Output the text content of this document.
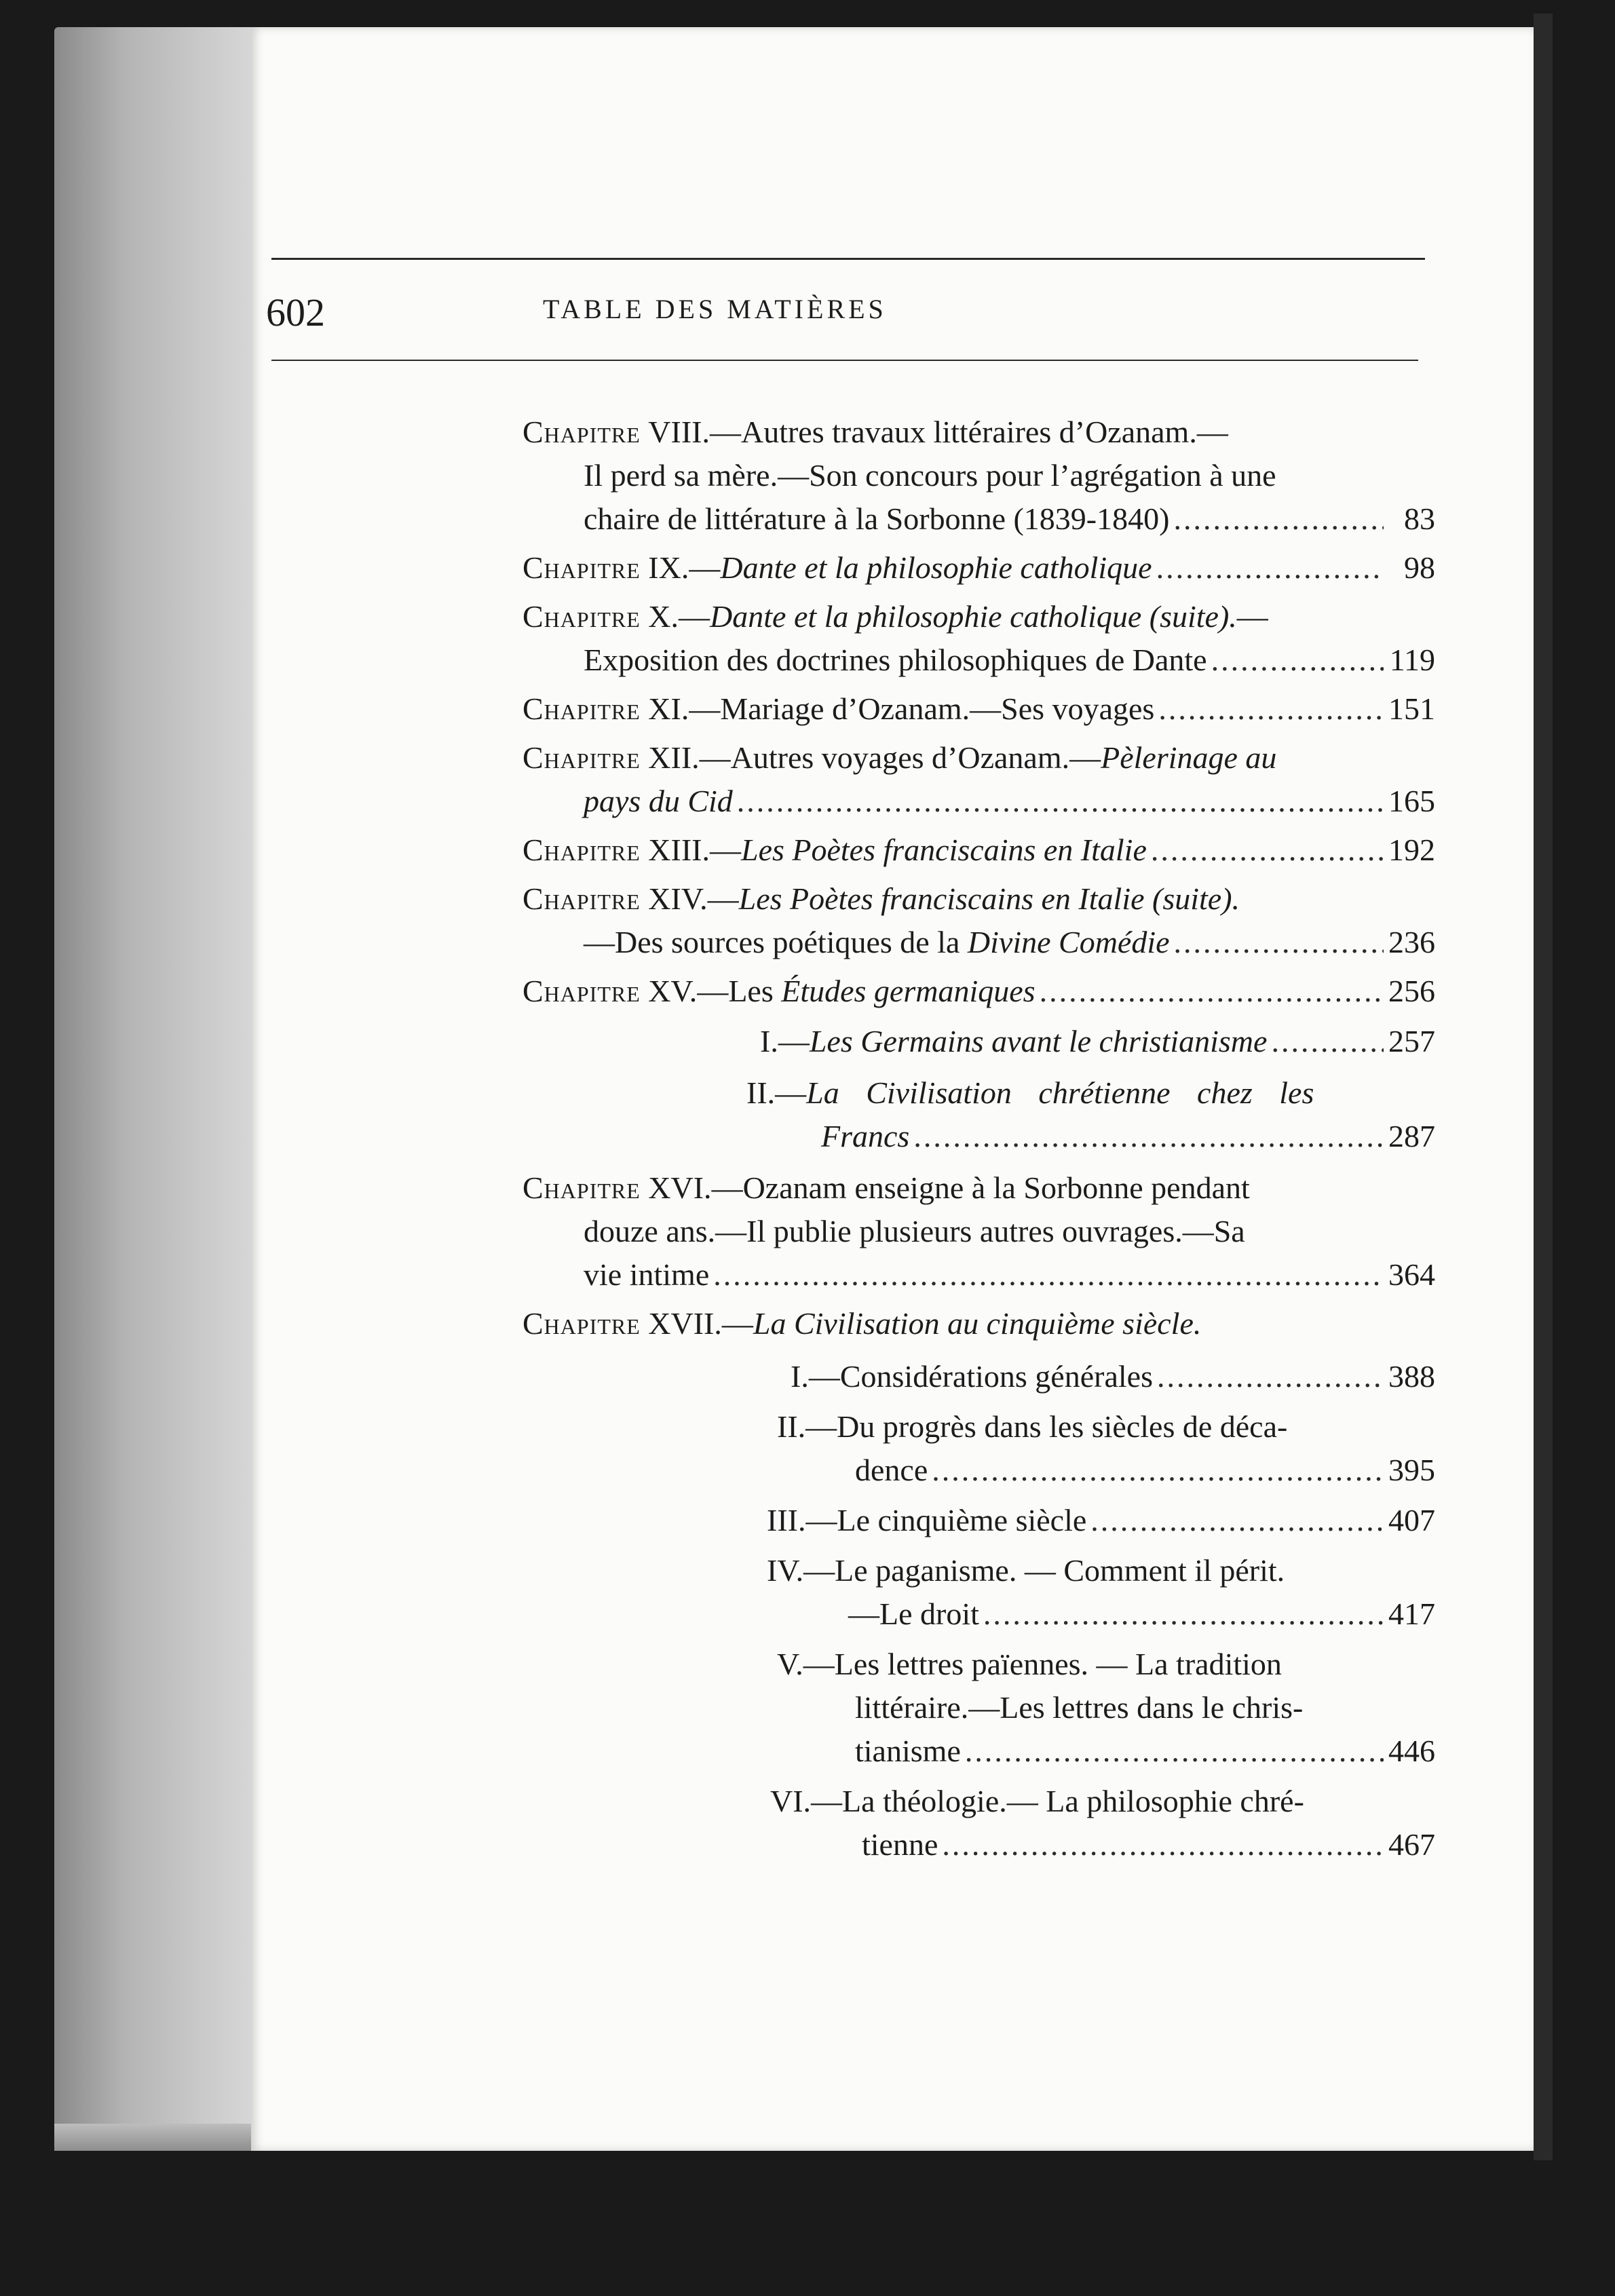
602	TABLE DES MATIÈRES
Chapitre
VIII. —Autres travaux littéraires d’Ozanam.—
Il perd sa mère.—Son concours pour l’agrégation à une
chaire de littérature à la Sorbonne (1839-1840) .....	83
Chapitre
IX. — Dante et la philosophie catholique .....	98
Chapitre
X. — Dante et la philosophie catholique
(suite). —
Exposition des doctrines philosophiques de Dante .....	119
Chapitre
XI. —Mariage d’Ozanam.—Ses voyages .....	151
Chapitre
XII. —Autres voyages d’Ozanam.— Pèlerinage au
pays du Cid .....	165
Chapitre
XIII. — Les Poètes franciscains en Italie .....	192
Chapitre
XIV. — Les Poètes franciscains en Italie
(suite).
—Des sources poétiques de la
Divine Comédie .....	236
Chapitre
XV. —Les
Études germaniques .....	256
I.— Les Germains avant le christianisme .....	257
II.— La Civilisation chrétienne chez les
Francs .....	287
Chapitre
XVI. —Ozanam enseigne à la Sorbonne pendant
douze ans.—Il publie plusieurs autres ouvrages.—Sa
vie intime .....	364
Chapitre
XVII. — La Civilisation au cinquième siècle.
I. —Considérations générales .....	388
II. —Du progrès dans les siècles de déca-
dence .....	395
III. —Le cinquième siècle .....	407
IV. —Le paganisme. — Comment il périt.
—Le droit .....	417
V. —Les lettres païennes. — La tradition
littéraire.—Les lettres dans le chris-
tianisme .....	446
VI. —La théologie.— La philosophie chré-
tienne .....	467
